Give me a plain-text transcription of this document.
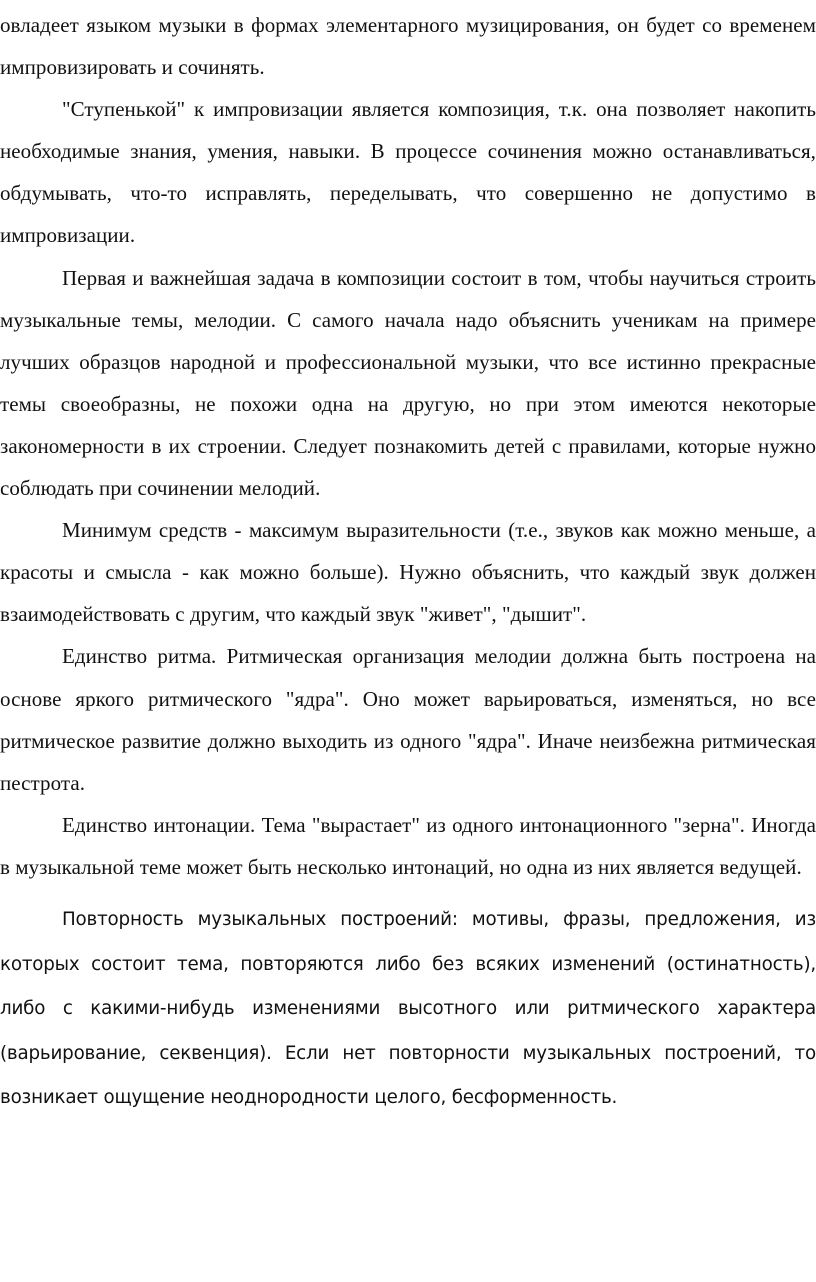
овладеет языком музыки в формах элементарного музицирования, он будет со временем импровизировать и сочинять.

"Ступенькой" к импровизации является композиция, т.к. она позволяет накопить необходимые знания, умения, навыки. В процессе сочинения можно останавливаться, обдумывать, что-то исправлять, переделывать, что совершенно не допустимо в импровизации.

Первая и важнейшая задача в композиции состоит в том, чтобы научиться строить музыкальные темы, мелодии. С самого начала надо объяснить ученикам на примере лучших образцов народной и профессиональной музыки, что все истинно прекрасные темы своеобразны, не похожи одна на другую, но при этом имеются некоторые закономерности в их строении. Следует познакомить детей с правилами, которые нужно соблюдать при сочинении мелодий.

Минимум средств - максимум выразительности (т.е., звуков как можно меньше, а красоты и смысла - как можно больше). Нужно объяснить, что каждый звук должен взаимодействовать с другим, что каждый звук "живет", "дышит".

Единство ритма. Ритмическая организация мелодии должна быть построена на основе яркого ритмического "ядра". Оно может варьироваться, изменяться, но все ритмическое развитие должно выходить из одного "ядра". Иначе неизбежна ритмическая пестрота.

Единство интонации. Тема "вырастает" из одного интонационного "зерна". Иногда в музыкальной теме может быть несколько интонаций, но одна из них является ведущей.

Повторность музыкальных построений: мотивы, фразы, предложения, из которых состоит тема, повторяются либо без всяких изменений (остинатность), либо с какими-нибудь изменениями высотного или ритмического характера (варьирование, секвенция). Если нет повторности музыкальных построений, то возникает ощущение неоднородности целого, бесформенность.
